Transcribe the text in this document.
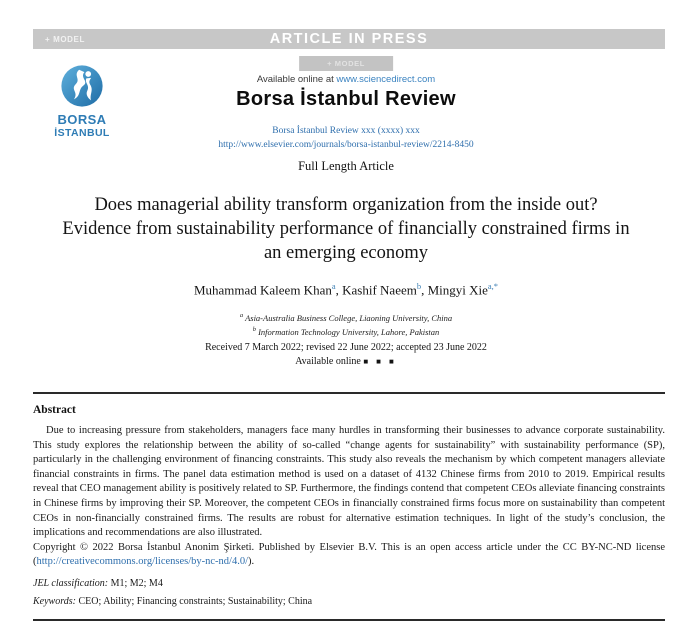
+ MODEL	ARTICLE IN PRESS
+ MODEL
BORSA
İSTANBUL
Available online at www.sciencedirect.com
Borsa İstanbul Review
Borsa İstanbul Review xxx (xxxx) xxx
http://www.elsevier.com/journals/borsa-istanbul-review/2214-8450
Full Length Article
Does managerial ability transform organization from the inside out?
Evidence from sustainability performance of financially constrained firms in
an emerging economy
Muhammad Kaleem Khan$^a$, Kashif Naeem$^b$, Mingyi Xie$^{a,*}$
$^a$ Asia-Australia Business College, Liaoning University, China
$^b$ Information Technology University, Lahore, Pakistan
Received 7 March 2022; revised 22 June 2022; accepted 23 June 2022
Available online ■ ■ ■
Abstract

Due to increasing pressure from stakeholders, managers face many hurdles in transforming their businesses to advance corporate sustainability. This study explores the relationship between the ability of so-called “change agents for sustainability” with sustainability performance (SP), particularly in the challenging environment of financing constraints. This study also reveals the mechanism by which competent managers alleviate financial constraints in firms. The panel data estimation method is used on a dataset of 4132 Chinese firms from 2010 to 2019. Empirical results reveal that CEO management ability is positively related to SP. Furthermore, the findings contend that competent CEOs alleviate financing constraints in Chinese firms by improving their SP. Moreover, the competent CEOs in financially constrained firms focus more on sustainability than competent CEOs in non-financially constrained firms. The results are robust for alternative estimation techniques. In light of the study’s conclusion, the implications and recommendations are also illustrated.

Copyright © 2022 Borsa İstanbul Anonim Şirketi. Published by Elsevier B.V. This is an open access article under the CC BY-NC-ND license (http://creativecommons.org/licenses/by-nc-nd/4.0/).

JEL classification: M1; M2; M4
Keywords: CEO; Ability; Financing constraints; Sustainability; China
